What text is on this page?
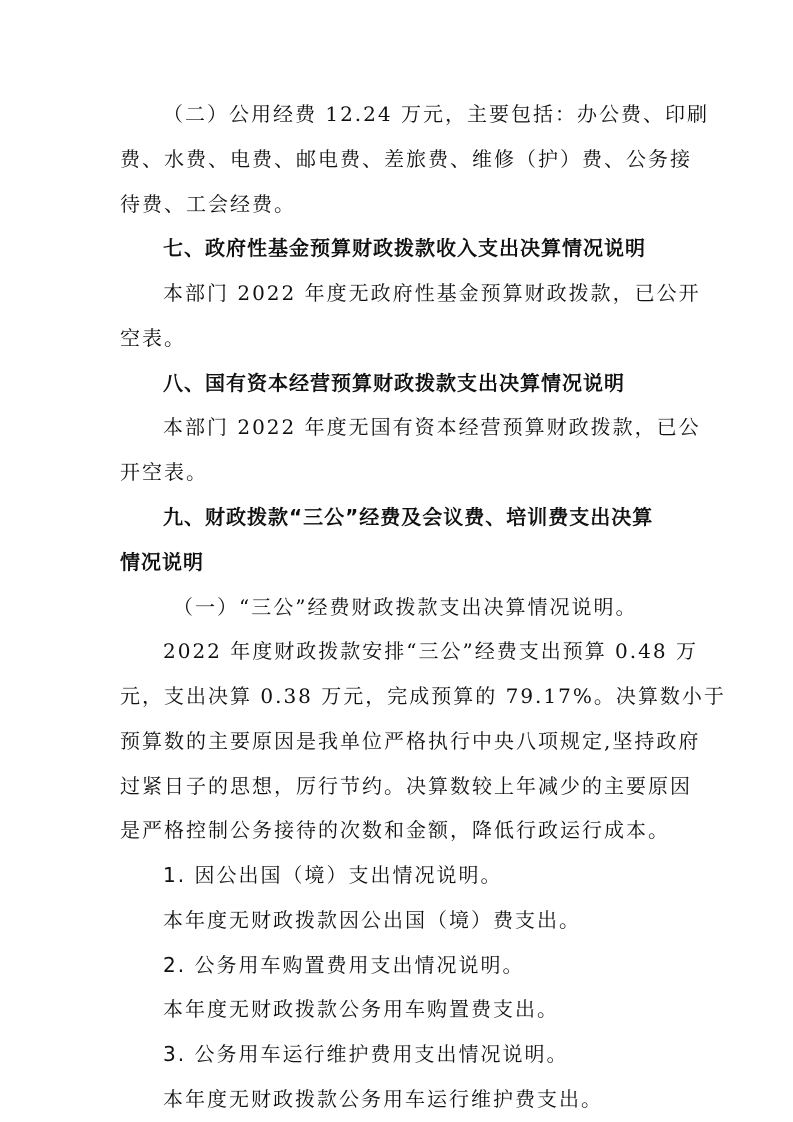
（二）公用经费 12.24 万元，主要包括：办公费、印刷
费、水费、电费、邮电费、差旅费、维修（护）费、公务接
待费、工会经费。
七、政府性基金预算财政拨款收入支出决算情况说明
本部门 2022 年度无政府性基金预算财政拨款，已公开
空表。
八、国有资本经营预算财政拨款支出决算情况说明
本部门 2022 年度无国有资本经营预算财政拨款，已公
开空表。
九、财政拨款“三公”经费及会议费、培训费支出决算
情况说明
（一）“三公”经费财政拨款支出决算情况说明。
2022 年度财政拨款安排“三公”经费支出预算 0.48 万
元，支出决算 0.38 万元，完成预算的 79.17%。决算数小于
预算数的主要原因是我单位严格执行中央八项规定,坚持政府
过紧日子的思想，厉行节约。决算数较上年减少的主要原因
是严格控制公务接待的次数和金额，降低行政运行成本。
1. 因公出国（境）支出情况说明。
本年度无财政拨款因公出国（境）费支出。
2. 公务用车购置费用支出情况说明。
本年度无财政拨款公务用车购置费支出。
3. 公务用车运行维护费用支出情况说明。
本年度无财政拨款公务用车运行维护费支出。
